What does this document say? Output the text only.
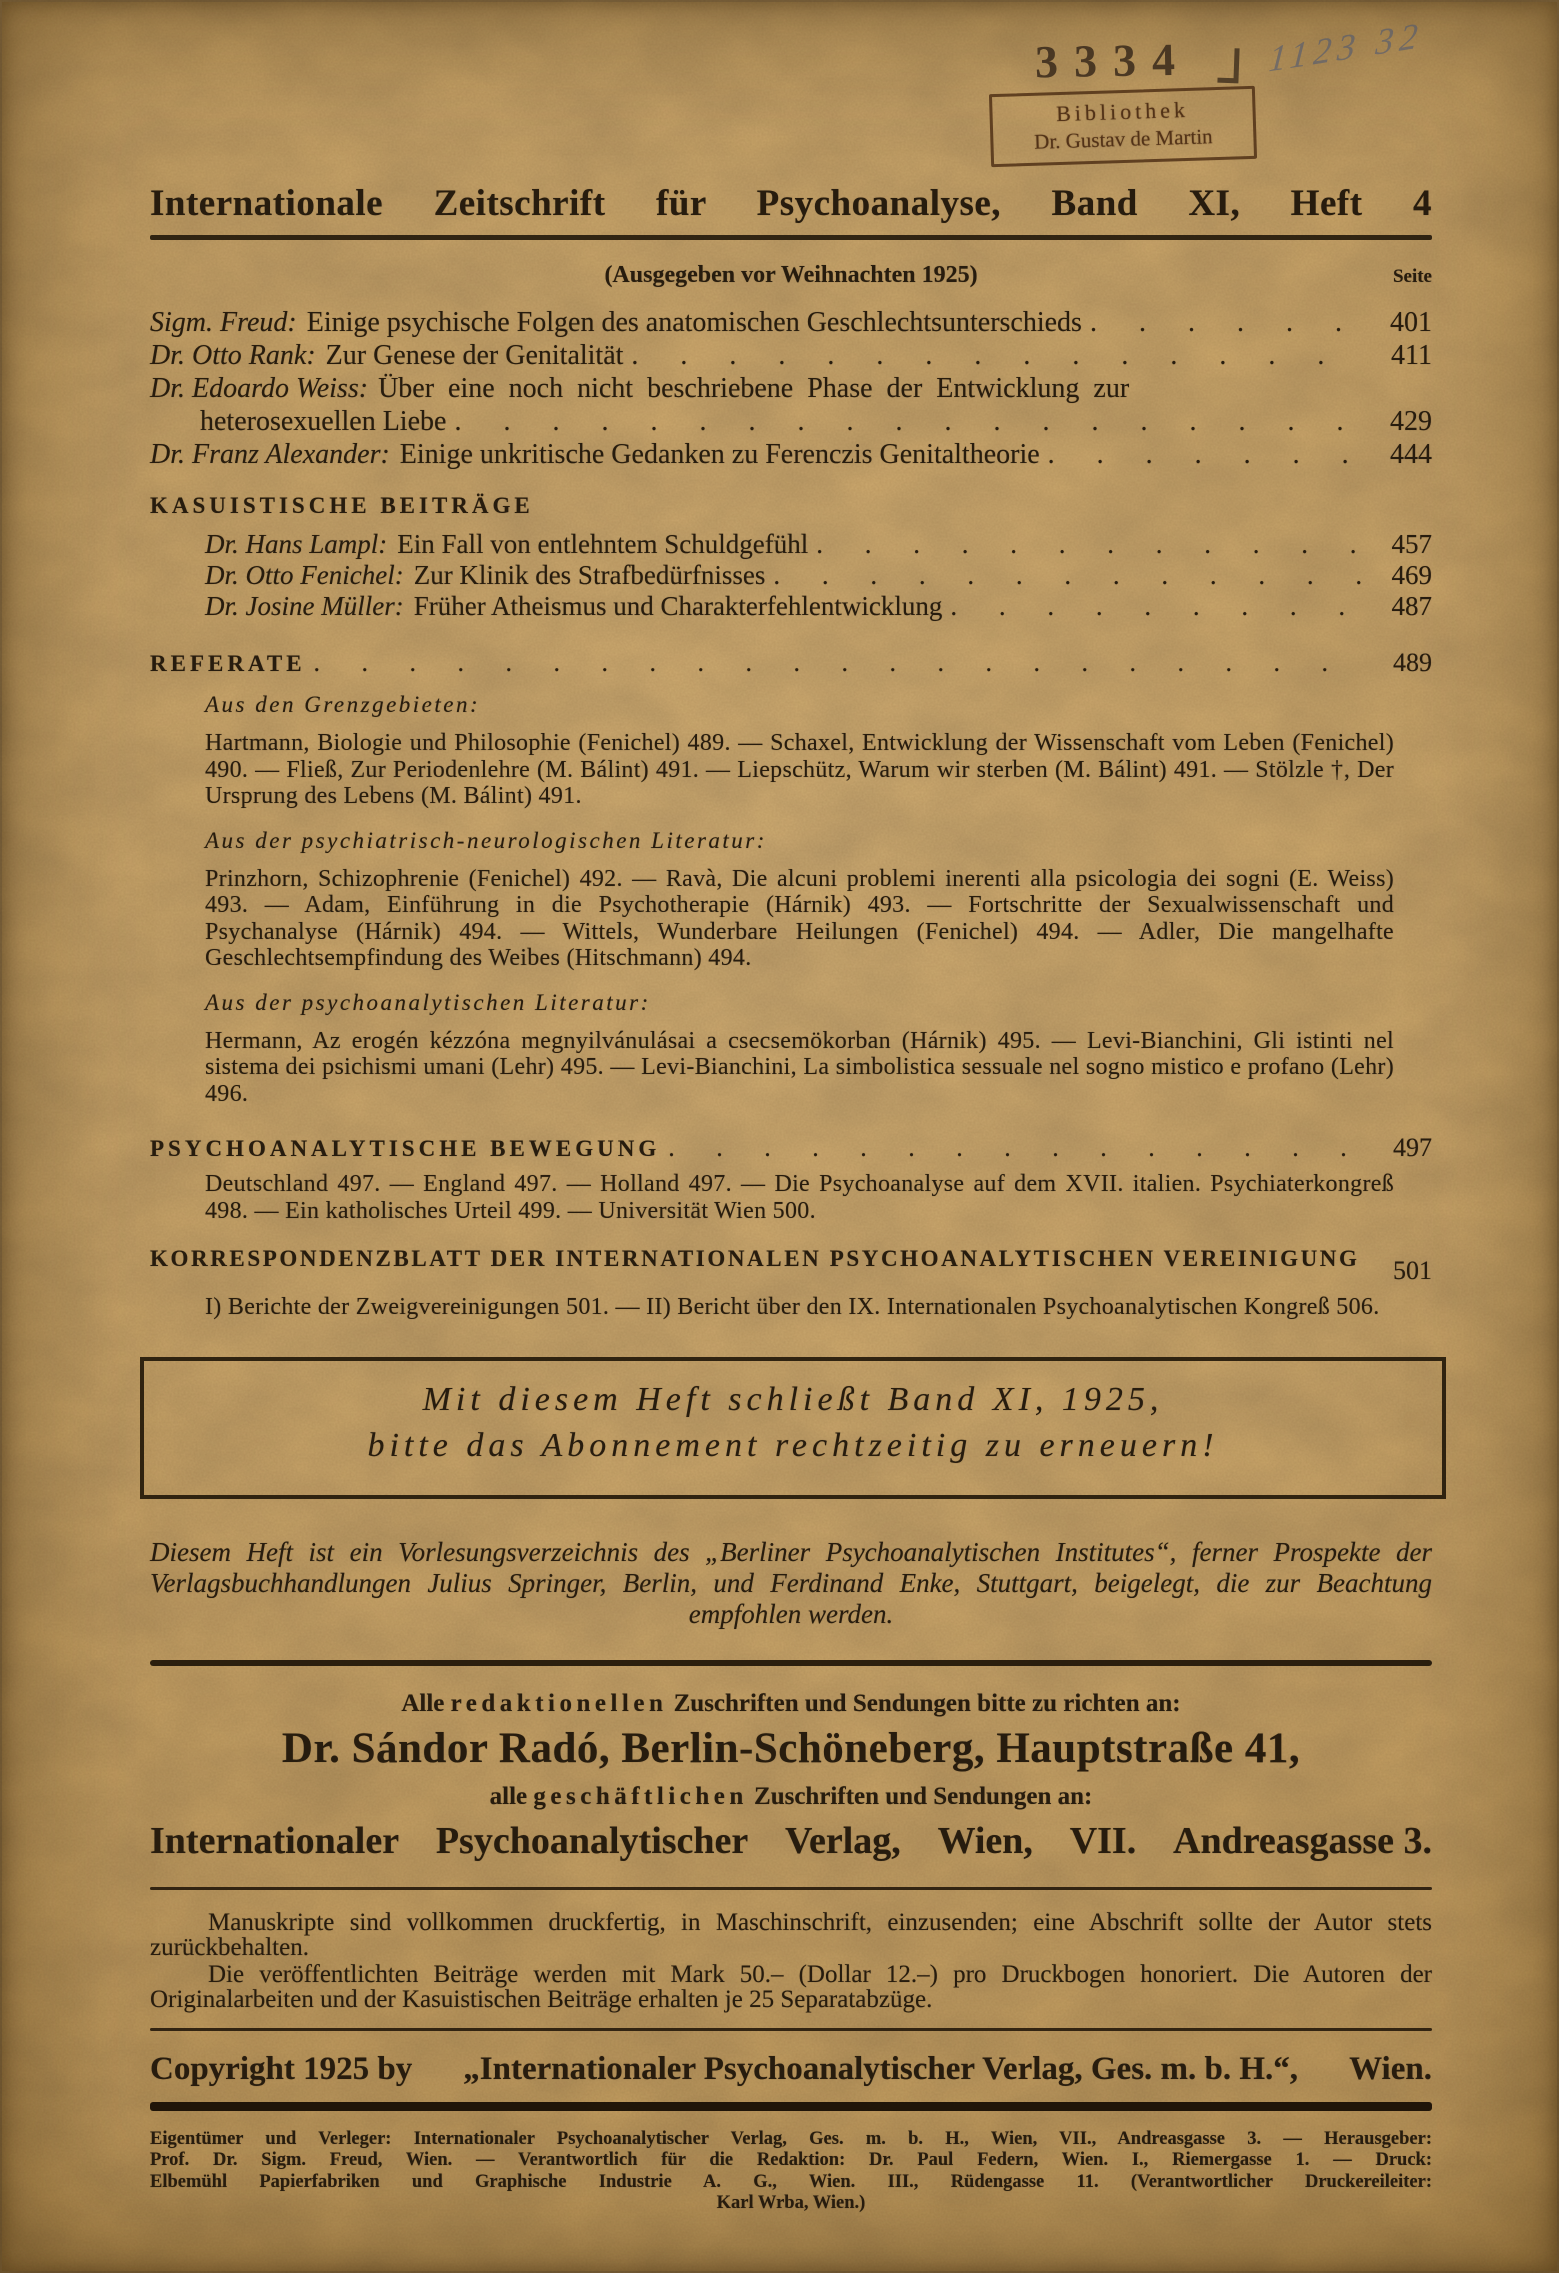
3334 1123 32
Bibliothek
Dr. Gustav de Martin
Internationale Zeitschrift für Psychoanalyse, Band XI, Heft 4
(Ausgegeben vor Weihnachten 1925)	Seite
Sigm. Freud: Einige psychische Folgen des anatomischen Geschlechtsunterschieds . . .	401
Dr. Otto Rank: Zur Genese der Genitalität . . .	411
Dr. Edoardo Weiss: Über eine noch nicht beschriebene Phase der Entwicklung zur
heterosexuellen Liebe . . .	429
Dr. Franz Alexander: Einige unkritische Gedanken zu Ferenczis Genitaltheorie . . .	444
KASUISTISCHE BEITRÄGE
Dr. Hans Lampl: Ein Fall von entlehntem Schuldgefühl . . .	457
Dr. Otto Fenichel: Zur Klinik des Strafbedürfnisses . . .	469
Dr. Josine Müller: Früher Atheismus und Charakterfehlentwicklung . . .	487
REFERATE . . .	489
Aus den Grenzgebieten:
Hartmann, Biologie und Philosophie (Fenichel) 489. — Schaxel, Entwicklung der Wissenschaft vom Leben (Fenichel) 490. — Fließ, Zur Periodenlehre (M. Bálint) 491. — Liepschütz, Warum wir sterben (M. Bálint) 491. — Stölzle †, Der Ursprung des Lebens (M. Bálint) 491.
Aus der psychiatrisch-neurologischen Literatur:
Prinzhorn, Schizophrenie (Fenichel) 492. — Ravà, Die alcuni problemi inerenti alla psicologia dei sogni (E. Weiss) 493. — Adam, Einführung in die Psychotherapie (Hárnik) 493. — Fortschritte der Sexualwissenschaft und Psychanalyse (Hárnik) 494. — Wittels, Wunderbare Heilungen (Fenichel) 494. — Adler, Die mangelhafte Geschlechtsempfindung des Weibes (Hitschmann) 494.
Aus der psychoanalytischen Literatur:
Hermann, Az erogén kézzóna megnyilvánulásai a csecsemökorban (Hárnik) 495. — Levi-Bianchini, Gli istinti nel sistema dei psichismi umani (Lehr) 495. — Levi-Bianchini, La simbolistica sessuale nel sogno mistico e profano (Lehr) 496.
PSYCHOANALYTISCHE BEWEGUNG . . .	497
Deutschland 497. — England 497. — Holland 497. — Die Psychoanalyse auf dem XVII. italien. Psychiaterkongreß 498. — Ein katholisches Urteil 499. — Universität Wien 500.
KORRESPONDENZBLATT DER INTERNATIONALEN PSYCHOANALYTISCHEN VEREINIGUNG	501
I) Berichte der Zweigvereinigungen 501. — II) Bericht über den IX. Internationalen Psychoanalytischen Kongreß 506.
Mit diesem Heft schließt Band XI, 1925,
bitte das Abonnement rechtzeitig zu erneuern!
Diesem Heft ist ein Vorlesungsverzeichnis des „Berliner Psychoanalytischen Institutes“, ferner Prospekte der Verlagsbuchhandlungen Julius Springer, Berlin, und Ferdinand Enke, Stuttgart, beigelegt, die zur Beachtung empfohlen werden.
Alle redaktionellen Zuschriften und Sendungen bitte zu richten an:
Dr. Sándor Radó, Berlin-Schöneberg, Hauptstraße 41,
alle geschäftlichen Zuschriften und Sendungen an:
Internationaler Psychoanalytischer Verlag, Wien, VII. Andreasgasse 3.

Manuskripte sind vollkommen druckfertig, in Maschinschrift, einzusenden; eine Abschrift sollte der Autor stets zurückbehalten.

Die veröffentlichten Beiträge werden mit Mark 50.– (Dollar 12.–) pro Druckbogen honoriert. Die Autoren der Originalarbeiten und der Kasuistischen Beiträge erhalten je 25 Separatabzüge.

Copyright 1925 by „Internationaler Psychoanalytischer Verlag, Ges. m. b. H.“, Wien.
Eigentümer und Verleger: Internationaler Psychoanalytischer Verlag, Ges. m. b. H., Wien, VII., Andreasgasse 3. — Herausgeber:
Prof. Dr. Sigm. Freud, Wien. — Verantwortlich für die Redaktion: Dr. Paul Federn, Wien. I., Riemergasse 1. — Druck:
Elbemühl Papierfabriken und Graphische Industrie A. G., Wien. III., Rüdengasse 11. (Verantwortlicher Druckereileiter:
Karl Wrba, Wien.)
